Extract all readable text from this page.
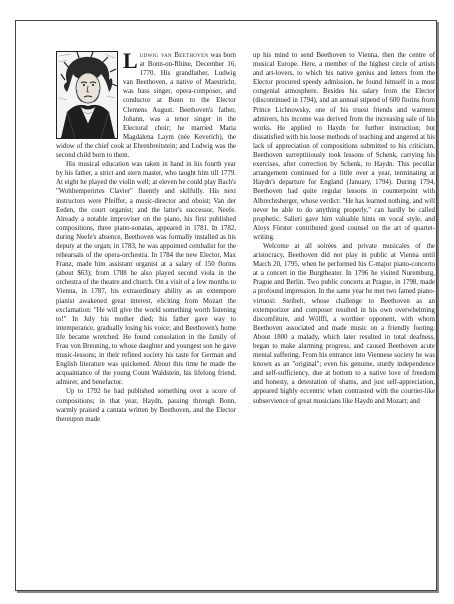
Ludwig van Beethoven was born at Bonn-on-Rhine, December 16, 1770. His grandfather, Ludwig van Beethoven, a native of Maestricht, was bass singer, opera-composer, and conductor at Bonn to the Elector Clemens August. Beethoven's father, Johann, was a tenor singer in the Electoral choir; he married Maria Magdalena Laym (née Keverich), the widow of the chief cook at Ehrenbreitstein; and Ludwig was the second child born to them.

His musical education was taken in hand in his fourth year by his father, a strict and stern master, who taught him till 1779. At eight he played the violin well; at eleven he could play Bach's "Wohltemperirtes Clavier" fluently and skilfully. His next instructors were Pfeiffer, a music-director and oboist; Van der Eeden, the court organist; and the latter's successor, Neefe. Already a notable improviser on the piano, his first published compositions, three piano-sonatas, appeared in 1781. In 1782, during Neefe's absence, Beethoven was formally installed as his deputy at the organ; in 1783, he was appointed cembalist for the rehearsals of the opera-orchestra. In 1784 the new Elector, Max Franz, made him assistant organist at a salary of 150 florins (about $63); from 1788 he also played second viola in the orchestra of the theatre and church. On a visit of a few months to Vienna, in 1787, his extraordinary ability as an extempore pianist awakened great interest, eliciting from Mozart the exclamation: "He will give the world something worth listening to!" In July his mother died; his father gave way to intemperance, gradually losing his voice; and Beethoven's home life became wretched. He found consolation in the family of Frau von Breuning, to whose daughter and youngest son he gave music-lessons; in their refined society his taste for German and English literature was quickened. About this time he made the acquaintance of the young Count Waldstein, his lifelong friend, admirer, and benefactor.

Up to 1792 he had published something over a score of compositions; in that year, Haydn, passing through Bonn, warmly praised a cantata written by Beethoven, and the Elector thereupon made

up his mind to send Beethoven to Vienna, then the centre of musical Europe. Here, a member of the highest circle of artists and art-lovers, to which his native genius and letters from the Elector procured speedy admission, he found himself in a most congenial atmosphere. Besides his salary from the Elector (discontinued in 1794), and an annual stipend of 600 florins from Prince Lichnowsky, one of his truest friends and warmest admirers, his income was derived from the increasing sale of his works. He applied to Haydn for further instruction; but dissatisfied with his loose methods of teaching and angered at his lack of appreciation of compositions submitted to his criticism, Beethoven surreptitiously took lessons of Schenk, carrying his exercises, after correction by Schenk, to Haydn. This peculiar arrangement continued for a little over a year, terminating at Haydn's departure for England (January, 1794). During 1794, Beethoven had quite regular lessons in counterpoint with Albrechtsberger, whose verdict: "He has learned nothing, and will never be able to do anything properly," can hardly be called prophetic. Salieri gave him valuable hints on vocal style, and Aloys Förster contributed good counsel on the art of quartet-writing.

Welcome at all soirées and private musicales of the aristocracy, Beethoven did not play in public at Vienna until March 20, 1795, when he performed his C-major piano-concerto at a concert in the Burgtheater. In 1796 he visited Nuremburg, Prague and Berlin. Two public concerts at Prague, in 1798, made a profound impression. In the same year he met two famed piano-virtuosi: Steibelt, whose challenge to Beethoven as an extemporizer and composer resulted in his own overwhelming discomfiture, and Wölffl, a worthier opponent, with whom Beethoven associated and made music on a friendly footing. About 1800 a malady, which later resulted in total deafness, began to make alarming progress, and caused Beethoven acute mental suffering. From his entrance into Viennese society he was known as an "original"; even his genuine, sturdy independence and self-sufficiency, due at bottom to a native love of freedom and honesty, a detestation of shams, and just self-appreciation, appeared highly eccentric when contrasted with the courtier-like subservience of great musicians like Haydn and Mozart; and
